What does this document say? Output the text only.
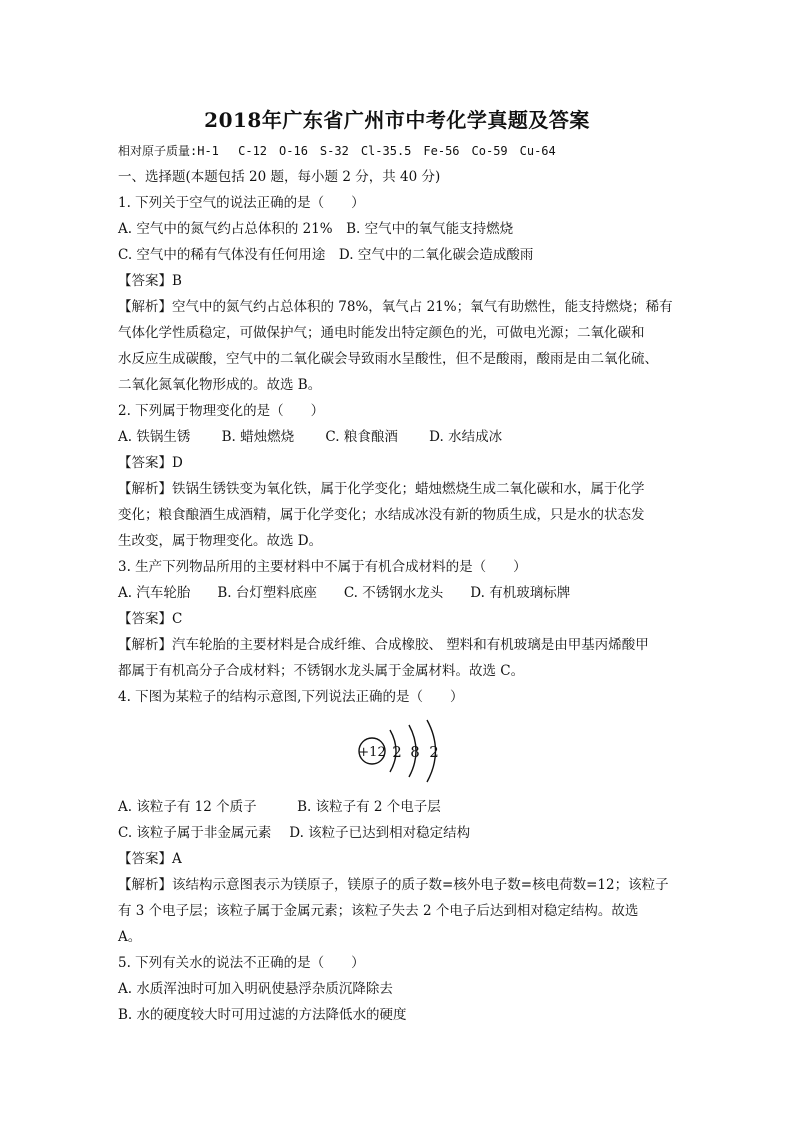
2018年广东省广州市中考化学真题及答案
相对原子质量:H-1　 C-12　O-16　S-32　Cl-35.5　Fe-56　Co-59　Cu-64
一、选择题(本题包括 20 题，每小题 2 分，共 40 分)
1. 下列关于空气的说法正确的是（　　）
A. 空气中的氮气约占总体积的 21%　B. 空气中的氧气能支持燃烧
C. 空气中的稀有气体没有任何用途　D. 空气中的二氧化碳会造成酸雨
【答案】B
【解析】空气中的氮气约占总体积的 78%，氧气占 21%；氧气有助燃性，能支持燃烧；稀有
气体化学性质稳定，可做保护气；通电时能发出特定颜色的光，可做电光源；二氧化碳和
水反应生成碳酸，空气中的二氧化碳会导致雨水呈酸性，但不是酸雨，酸雨是由二氧化硫、
二氧化氮氧化物形成的。故选 B。
2. 下列属于物理变化的是（　　）
A. 铁锅生锈　　 B. 蜡烛燃烧　　 C. 粮食酿酒　　 D. 水结成冰
【答案】D
【解析】铁锅生锈铁变为氧化铁，属于化学变化；蜡烛燃烧生成二氧化碳和水，属于化学
变化；粮食酿酒生成酒精，属于化学变化；水结成冰没有新的物质生成，只是水的状态发
生改变，属于物理变化。故选 D。
3. 生产下列物品所用的主要材料中不属于有机合成材料的是（　　）
A. 汽车轮胎　　B. 台灯塑料底座　　C. 不锈钢水龙头　　D. 有机玻璃标牌
【答案】C
【解析】汽车轮胎的主要材料是合成纤维、合成橡胶、 塑料和有机玻璃是由甲基丙烯酸甲
都属于有机高分子合成材料；不锈钢水龙头属于金属材料。故选 C。
4. 下图为某粒子的结构示意图,下列说法正确的是（　　）
+12 2 8 2
A. 该粒子有 12 个质子　　　B. 该粒子有 2 个电子层
C. 该粒子属于非金属元素　 D. 该粒子已达到相对稳定结构
【答案】A
【解析】该结构示意图表示为镁原子，镁原子的质子数=核外电子数=核电荷数=12；该粒子
有 3 个电子层；该粒子属于金属元素；该粒子失去 2 个电子后达到相对稳定结构。故选
A。
5. 下列有关水的说法不正确的是（　　）
A. 水质浑浊时可加入明矾使悬浮杂质沉降除去
B. 水的硬度较大时可用过滤的方法降低水的硬度
